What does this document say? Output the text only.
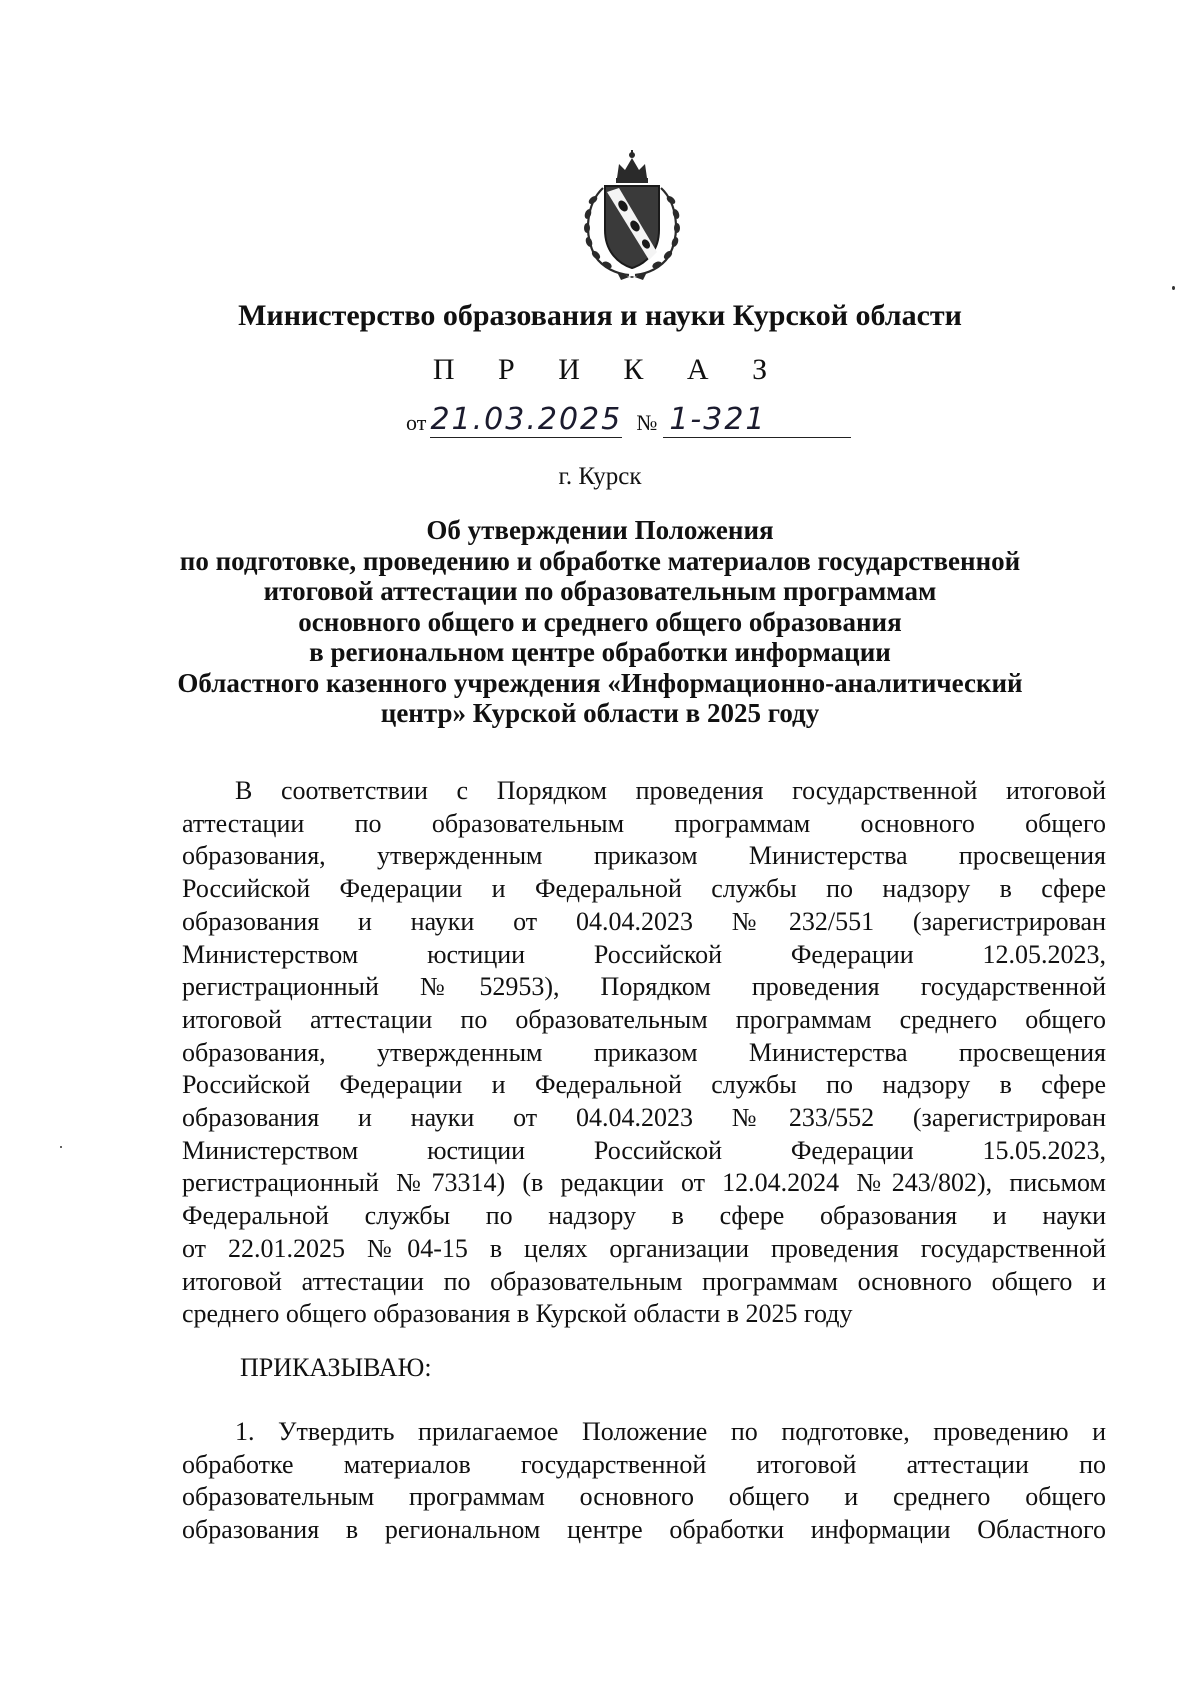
Министерство образования и науки Курской области
П Р И К А З
от 21.03.2025 № 1-321
г. Курск
Об утверждении Положения
по подготовке, проведению и обработке материалов государственной
итоговой аттестации по образовательным программам
основного общего и среднего общего образования
в региональном центре обработки информации
Областного казенного учреждения «Информационно-аналитический
центр» Курской области в 2025 году
В соответствии с Порядком проведения государственной итоговой
аттестации по образовательным программам основного общего
образования, утвержденным приказом Министерства просвещения
Российской Федерации и Федеральной службы по надзору в сфере
образования и науки от 04.04.2023 №232/551 (зарегистрирован
Министерством юстиции Российской Федерации 12.05.2023,
регистрационный №52953), Порядком проведения государственной
итоговой аттестации по образовательным программам среднего общего
образования, утвержденным приказом Министерства просвещения
Российской Федерации и Федеральной службы по надзору в сфере
образования и науки от 04.04.2023 №233/552 (зарегистрирован
Министерством юстиции Российской Федерации 15.05.2023,
регистрационный №73314) (в редакции от 12.04.2024 №243/802), письмом
Федеральной службы по надзору в сфере образования и науки
от 22.01.2025 №04-15 в целях организации проведения государственной
итоговой аттестации по образовательным программам основного общего и
среднего общего образования в Курской области в 2025 году
ПРИКАЗЫВАЮ:
1. Утвердить прилагаемое Положение по подготовке, проведению и
обработке материалов государственной итоговой аттестации по
образовательным программам основного общего и среднего общего
образования в региональном центре обработки информации Областного
